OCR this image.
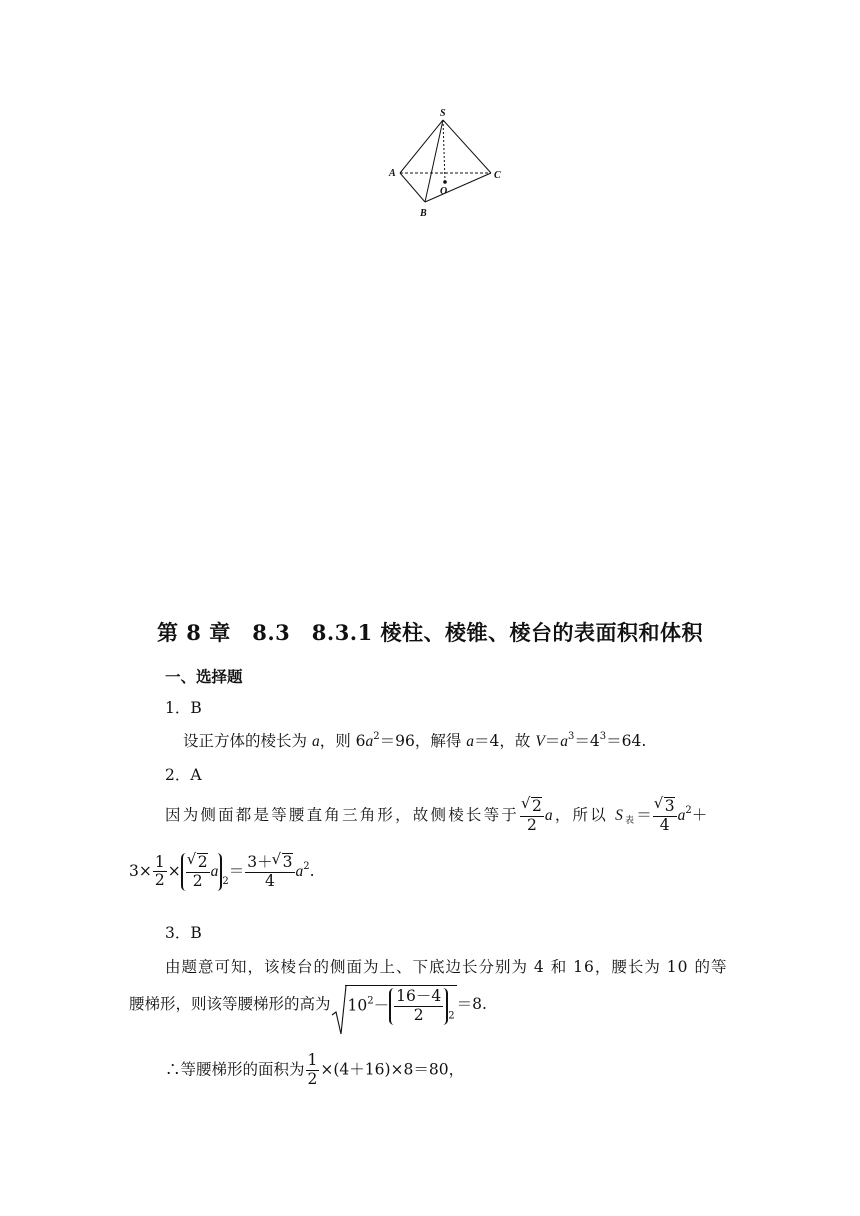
S
A
B
C
O
第 8 章　8.3　8.3.1 棱柱、棱锥、棱台的表面积和体积
一、选择题
1．B
设正方体的棱长为 a，则 $6a^2=96$，解得 a＝4，故 $V=a^3=4^3=64$.
2．A
因为侧面都是等腰直角三角形，故侧棱长等于 √ $\frac{2}{2}$ a，所以 $S_表=$ √ $\frac{3}{4} a^2+$
$3\times \frac{1}{2}$ × √ $\frac{2}{2} a^2= \frac{3+ √ 3}{4} a^2$.
3．B
由题意可知，该棱台的侧面为上、下底边长分别为 4 和 16，腰长为 10 的等
腰梯形，则该等腰梯形的高为 $10^2- \frac{16-4}{2} ^2=8$.
∴等腰梯形的面积为 $\frac{1}{2} \times(4+16)\times 8=80$，
